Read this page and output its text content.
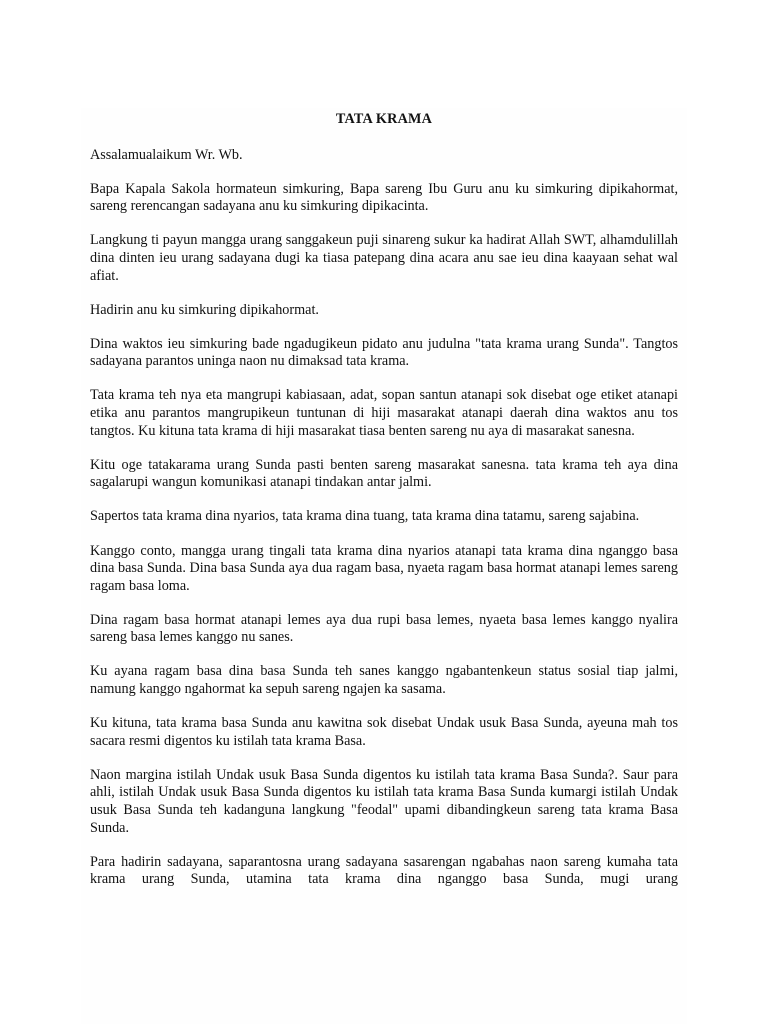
TATA KRAMA

Assalamualaikum Wr. Wb.

Bapa Kapala Sakola hormateun simkuring, Bapa sareng Ibu Guru anu ku simkuring dipikahormat, sareng rerencangan sadayana anu ku simkuring dipikacinta.

Langkung ti payun mangga urang sanggakeun puji sinareng sukur ka hadirat Allah SWT, alhamdulillah dina dinten ieu urang sadayana dugi ka tiasa patepang dina acara anu sae ieu dina kaayaan sehat wal afiat.

Hadirin anu ku simkuring dipikahormat.

Dina waktos ieu simkuring bade ngadugikeun pidato anu judulna "tata krama urang Sunda". Tangtos sadayana parantos uninga naon nu dimaksad tata krama.

Tata krama teh nya eta mangrupi kabiasaan, adat, sopan santun atanapi sok disebat oge etiket atanapi etika anu parantos mangrupikeun tuntunan di hiji masarakat atanapi daerah dina waktos anu tos tangtos. Ku kituna tata krama di hiji masarakat tiasa benten sareng nu aya di masarakat sanesna.

Kitu oge tatakarama urang Sunda pasti benten sareng masarakat sanesna. tata krama teh aya dina sagalarupi wangun komunikasi atanapi tindakan antar jalmi.

Sapertos tata krama dina nyarios, tata krama dina tuang, tata krama dina tatamu, sareng sajabina.

Kanggo conto, mangga urang tingali tata krama dina nyarios atanapi tata krama dina nganggo basa dina basa Sunda. Dina basa Sunda aya dua ragam basa, nyaeta ragam basa hormat atanapi lemes sareng ragam basa loma.

Dina ragam basa hormat atanapi lemes aya dua rupi basa lemes, nyaeta basa lemes kanggo nyalira sareng basa lemes kanggo nu sanes.

Ku ayana ragam basa dina basa Sunda teh sanes kanggo ngabantenkeun status sosial tiap jalmi, namung kanggo ngahormat ka sepuh sareng ngajen ka sasama.

Ku kituna, tata krama basa Sunda anu kawitna sok disebat Undak usuk Basa Sunda, ayeuna mah tos sacara resmi digentos ku istilah tata krama Basa.

Naon margina istilah Undak usuk Basa Sunda digentos ku istilah tata krama Basa Sunda?. Saur para ahli, istilah Undak usuk Basa Sunda digentos ku istilah tata krama Basa Sunda kumargi istilah Undak usuk Basa Sunda teh kadanguna langkung "feodal" upami dibandingkeun sareng tata krama Basa Sunda.

Para hadirin sadayana, saparantosna urang sadayana sasarengan ngabahas naon sareng kumaha tata krama urang Sunda, utamina tata krama dina nganggo basa Sunda, mugi urang
